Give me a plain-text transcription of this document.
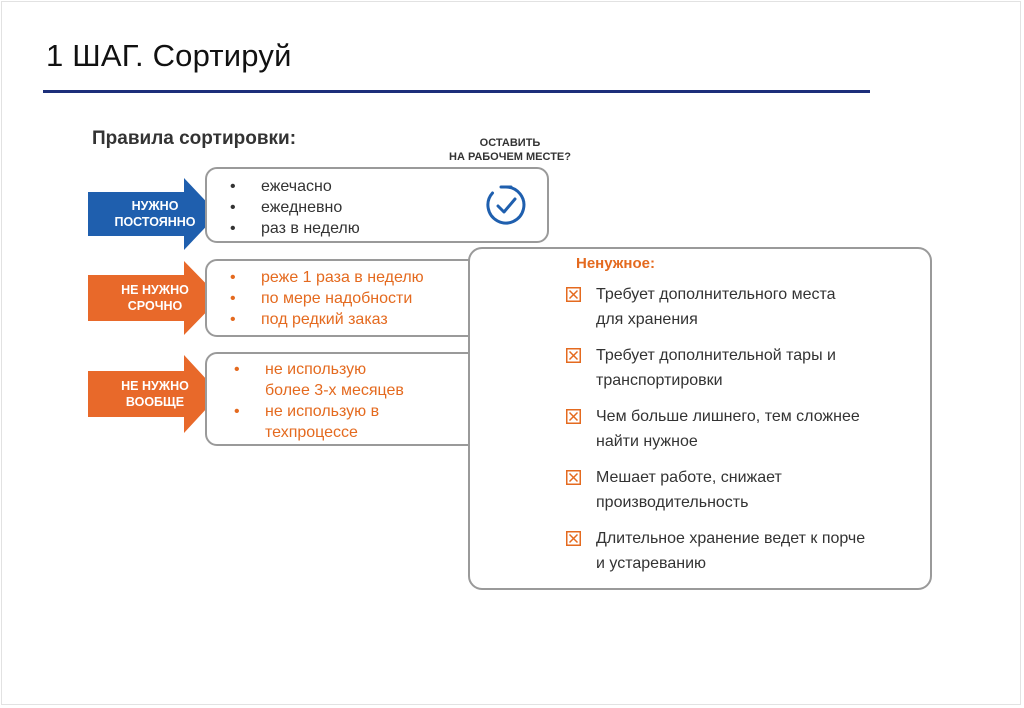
1 ШАГ. Сортируй
Правила сортировки:	ОСТАВИТЬ
НА РАБОЧЕМ МЕСТЕ?
НУЖНО
ПОСТОЯННО
•	ежечасно
•	ежедневно
•	раз в неделю
НЕ НУЖНО
СРОЧНО
•	реже 1 раза в неделю
•	по мере надобности
•	под редкий заказ
НЕ НУЖНО
ВООБЩЕ
•	не использую
более 3-х месяцев
•	не использую в
техпроцессе
Ненужное:
Требует дополнительного места
для хранения
Требует дополнительной тары и
транспортировки
Чем больше лишнего, тем сложнее
найти нужное
Мешает работе, снижает
производительность
Длительное хранение ведет к порче
и устареванию
